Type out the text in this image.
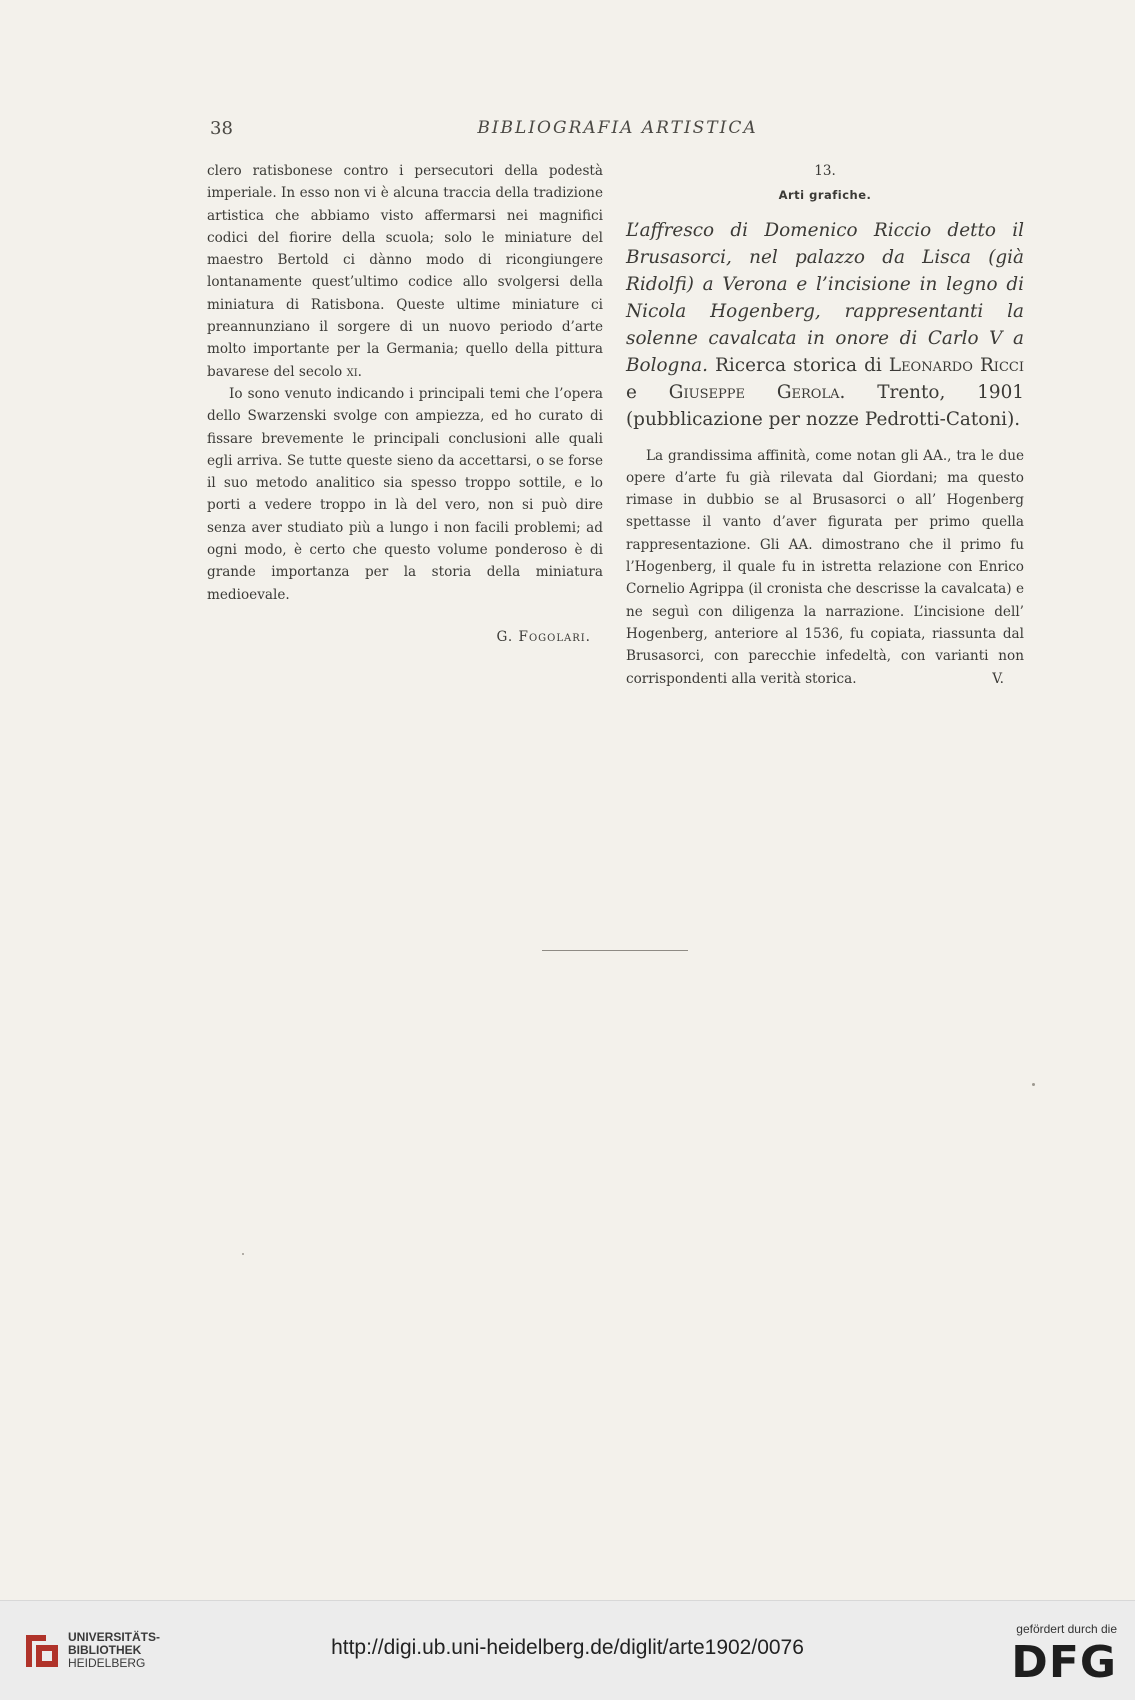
38	BIBLIOGRAFIA ARTISTICA

clero ratisbonese contro i persecutori della podestà imperiale. In esso non vi è alcuna traccia della tradizione artistica che abbiamo visto affermarsi nei magnifici codici del fiorire della scuola; solo le miniature del maestro Bertold ci dànno modo di ricongiungere lontanamente quest’ultimo codice allo svolgersi della miniatura di Ratisbona. Queste ultime miniature ci preannunziano il sorgere di un nuovo periodo d’arte molto importante per la Germania; quello della pittura bavarese del secolo xi.

Io sono venuto indicando i principali temi che l’opera dello Swarzenski svolge con ampiezza, ed ho curato di fissare brevemente le principali conclusioni alle quali egli arriva. Se tutte queste sieno da accettarsi, o se forse il suo metodo analitico sia spesso troppo sottile, e lo porti a vedere troppo in là del vero, non si può dire senza aver studiato più a lungo i non facili problemi; ad ogni modo, è certo che questo volume ponderoso è di grande importanza per la storia della miniatura medioevale.

G. Fogolari.
13.
Arti grafiche.
L’affresco di Domenico Riccio detto il Brusasorci, nel palazzo da Lisca (già Ridolfi) a Verona e l’incisione in legno di Nicola Hogenberg, rappresentanti la solenne cavalcata in onore di Carlo V a Bologna. Ricerca storica di Leonardo Ricci e Giuseppe Gerola. Trento, 1901 (pubblicazione per nozze Pedrotti-Catoni).

La grandissima affinità, come notan gli AA., tra le due opere d’arte fu già rilevata dal Giordani; ma questo rimase in dubbio se al Brusasorci o all’ Hogenberg spettasse il vanto d’aver figurata per primo quella rappresentazione. Gli AA. dimostrano che il primo fu l’Hogenberg, il quale fu in istretta relazione con Enrico Cornelio Agrippa (il cronista che descrisse la cavalcata) e ne seguì con diligenza la narrazione. L’incisione dell’ Hogenberg, anteriore al 1536, fu copiata, riassunta dal Brusasorci, con parecchie infedeltà, con varianti non corrispondenti alla verità storica.	V.

UNIVERSITÄTS-
BIBLIOTHEK
HEIDELBERG
http://digi.ub.uni-heidelberg.de/diglit/arte1902/0076
gefördert durch die
DFG
